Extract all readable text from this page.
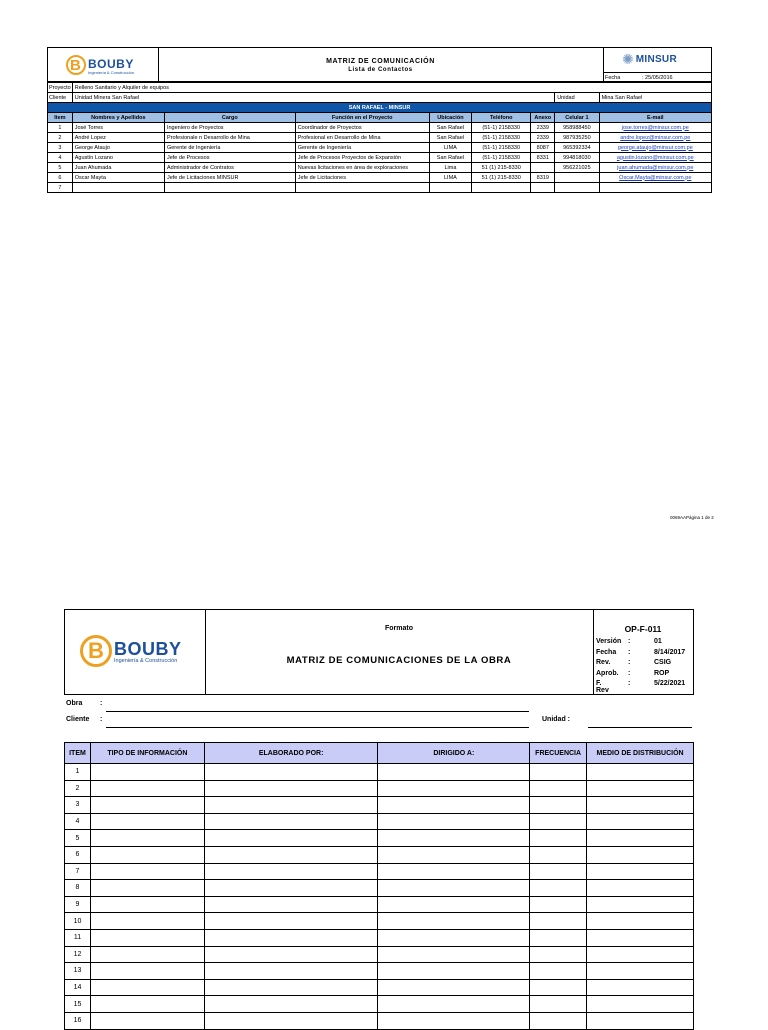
B BOUBY
Ingeniería & Construcción
MATRIZ DE COMUNICACIÓN
Lista de Contactos
✺ MINSUR
Fecha	: 25/05/2016
Proyecto	Relleno Sanitario y Alquiler de equipos							
Cliente	Unidad Minera San Rafael						Unidad	Mina San Rafael
SAN RAFAEL - MINSUR								
Item	Nombres y Apellidos	Cargo	Función en el Proyecto	Ubicación	Teléfono	Anexo	Celular 1	E-mail
1	José Torres	Ingeniero de Proyectos	Coordinador de Proyectos	San Rafael	(51-1) 2158330	2339	958988450	jose.torres@minsur.com.pe
2	André Lopez	Profesionale n Desarrollo de Mina	Profesional en Desarrollo de Mina	San Rafael	(51-1) 2158330	2339	987935250	andre.lopez@minsur.com.pe
3	George Ataujo	Gerente de Ingeniería	Gerente de Ingeniería	LIMA	(51-1) 2158330	8087	965392334	george.ataujo@minsur.com.pe
4	Agustín Lozano	Jefe de Procesos	Jefe de Procesos Proyectos de Expansión	San Rafael	(51-1) 2158330	8331	994818030	agustin.lozano@minsur.com.pe
5	Juan Ahumada	Administrador de Contratos	Nuevas licitaciones en área de exploraciones	Lima	51 (1) 215-8330		956221025	juan.ahumada@minsur.com.pe
6	Oscar Mayta	Jefe de Licitaciones MINSUR	Jefe de Licitaciones	LIMA	51 (1) 215-8330	8319		Oscar.Mayta@minsur.com.pe
7								
0069AAPágina 1 de 2
B BOUBY
Ingeniería & Construcción
Formato
MATRIZ DE COMUNICACIONES DE LA OBRA
OP-F-011
Versión :	01
Fecha :	8/14/2017
Rev.	:	CSIG
Aprob. :	ROP
F. Rev
:	5/22/2021
Obra	:
Cliente :	Unidad :
ITEM	TIPO DE INFORMACIÓN	ELABORADO POR:	DIRIGIDO A:	FRECUENCIA	MEDIO DE DISTRIBUCIÓN
1					
2					
3					
4					
5					
6					
7					
8					
9					
10					
11					
12					
13					
14					
15					
16					
